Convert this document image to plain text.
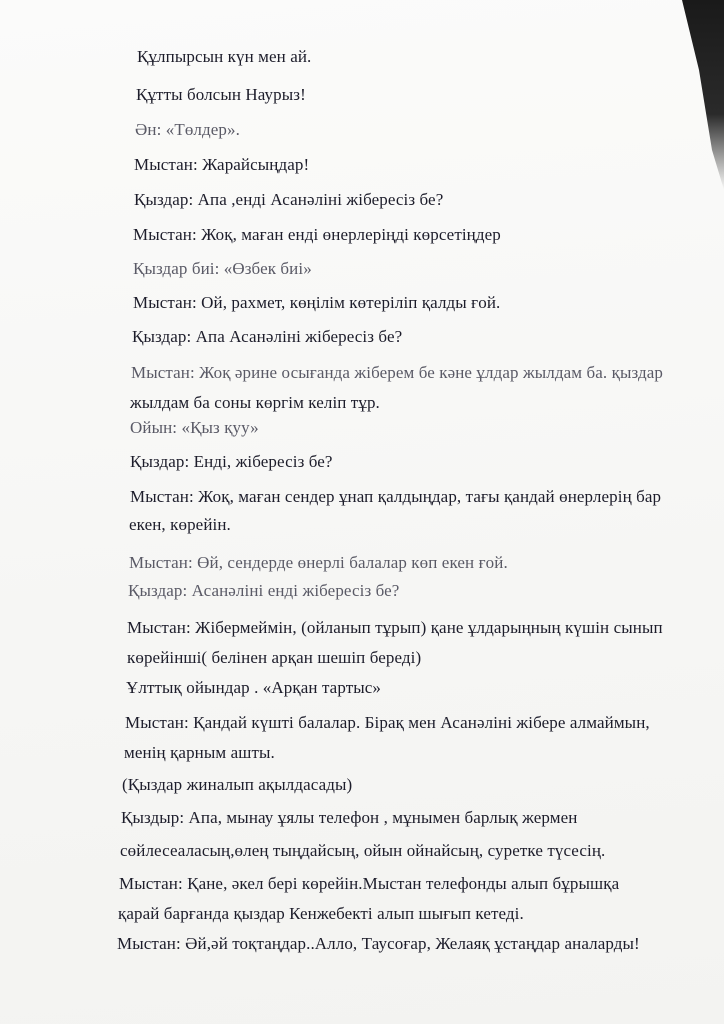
Құлпырсын күн мен ай.
Құтты болсын Наурыз!
Ән: «Төлдер».
Мыстан: Жарайсыңдар!
Қыздар: Апа ,енді Асанәліні жібересіз бе?
Мыстан: Жоқ, маған енді өнерлеріңді көрсетіңдер
Қыздар биі: «Өзбек биі»
Мыстан: Ой, рахмет, көңілім көтеріліп қалды ғой.
Қыздар: Апа Асанәліні жібересіз бе?
Мыстан: Жоқ әрине осығанда жіберем бе кәне ұлдар жылдам ба. қыздар
жылдам ба соны көргім келіп тұр.
Ойын: «Қыз қуу»
Қыздар: Енді, жібересіз бе?
Мыстан: Жоқ, маған сендер ұнап қалдыңдар, тағы қандай өнерлерің бар
екен, көрейін.
Мыстан: Өй, сендерде өнерлі балалар көп екен ғой.
Қыздар: Асанәліні енді жібересіз бе?
Мыстан: Жібермеймін, (ойланып тұрып) қане ұлдарыңның күшін сынып
көрейінші( белінен арқан шешіп береді)
Ұлттық ойындар . «Арқан тартыс»
Мыстан: Қандай күшті балалар. Бірақ мен Асанәліні жібере алмаймын,
менің қарным ашты.
(Қыздар жиналып ақылдасады)
Қыздыр: Апа, мынау ұялы телефон , мұнымен барлық жермен
сөйлесеаласың,өлең тыңдайсың, ойын ойнайсың, суретке түсесің.
Мыстан: Қане, әкел бері көрейін.Мыстан телефонды алып бұрышқа
қарай барғанда қыздар Кенжебекті алып шығып кетеді.
Мыстан: Әй,әй тоқтаңдар..Алло, Таусоғар, Желаяқ ұстаңдар аналарды!
